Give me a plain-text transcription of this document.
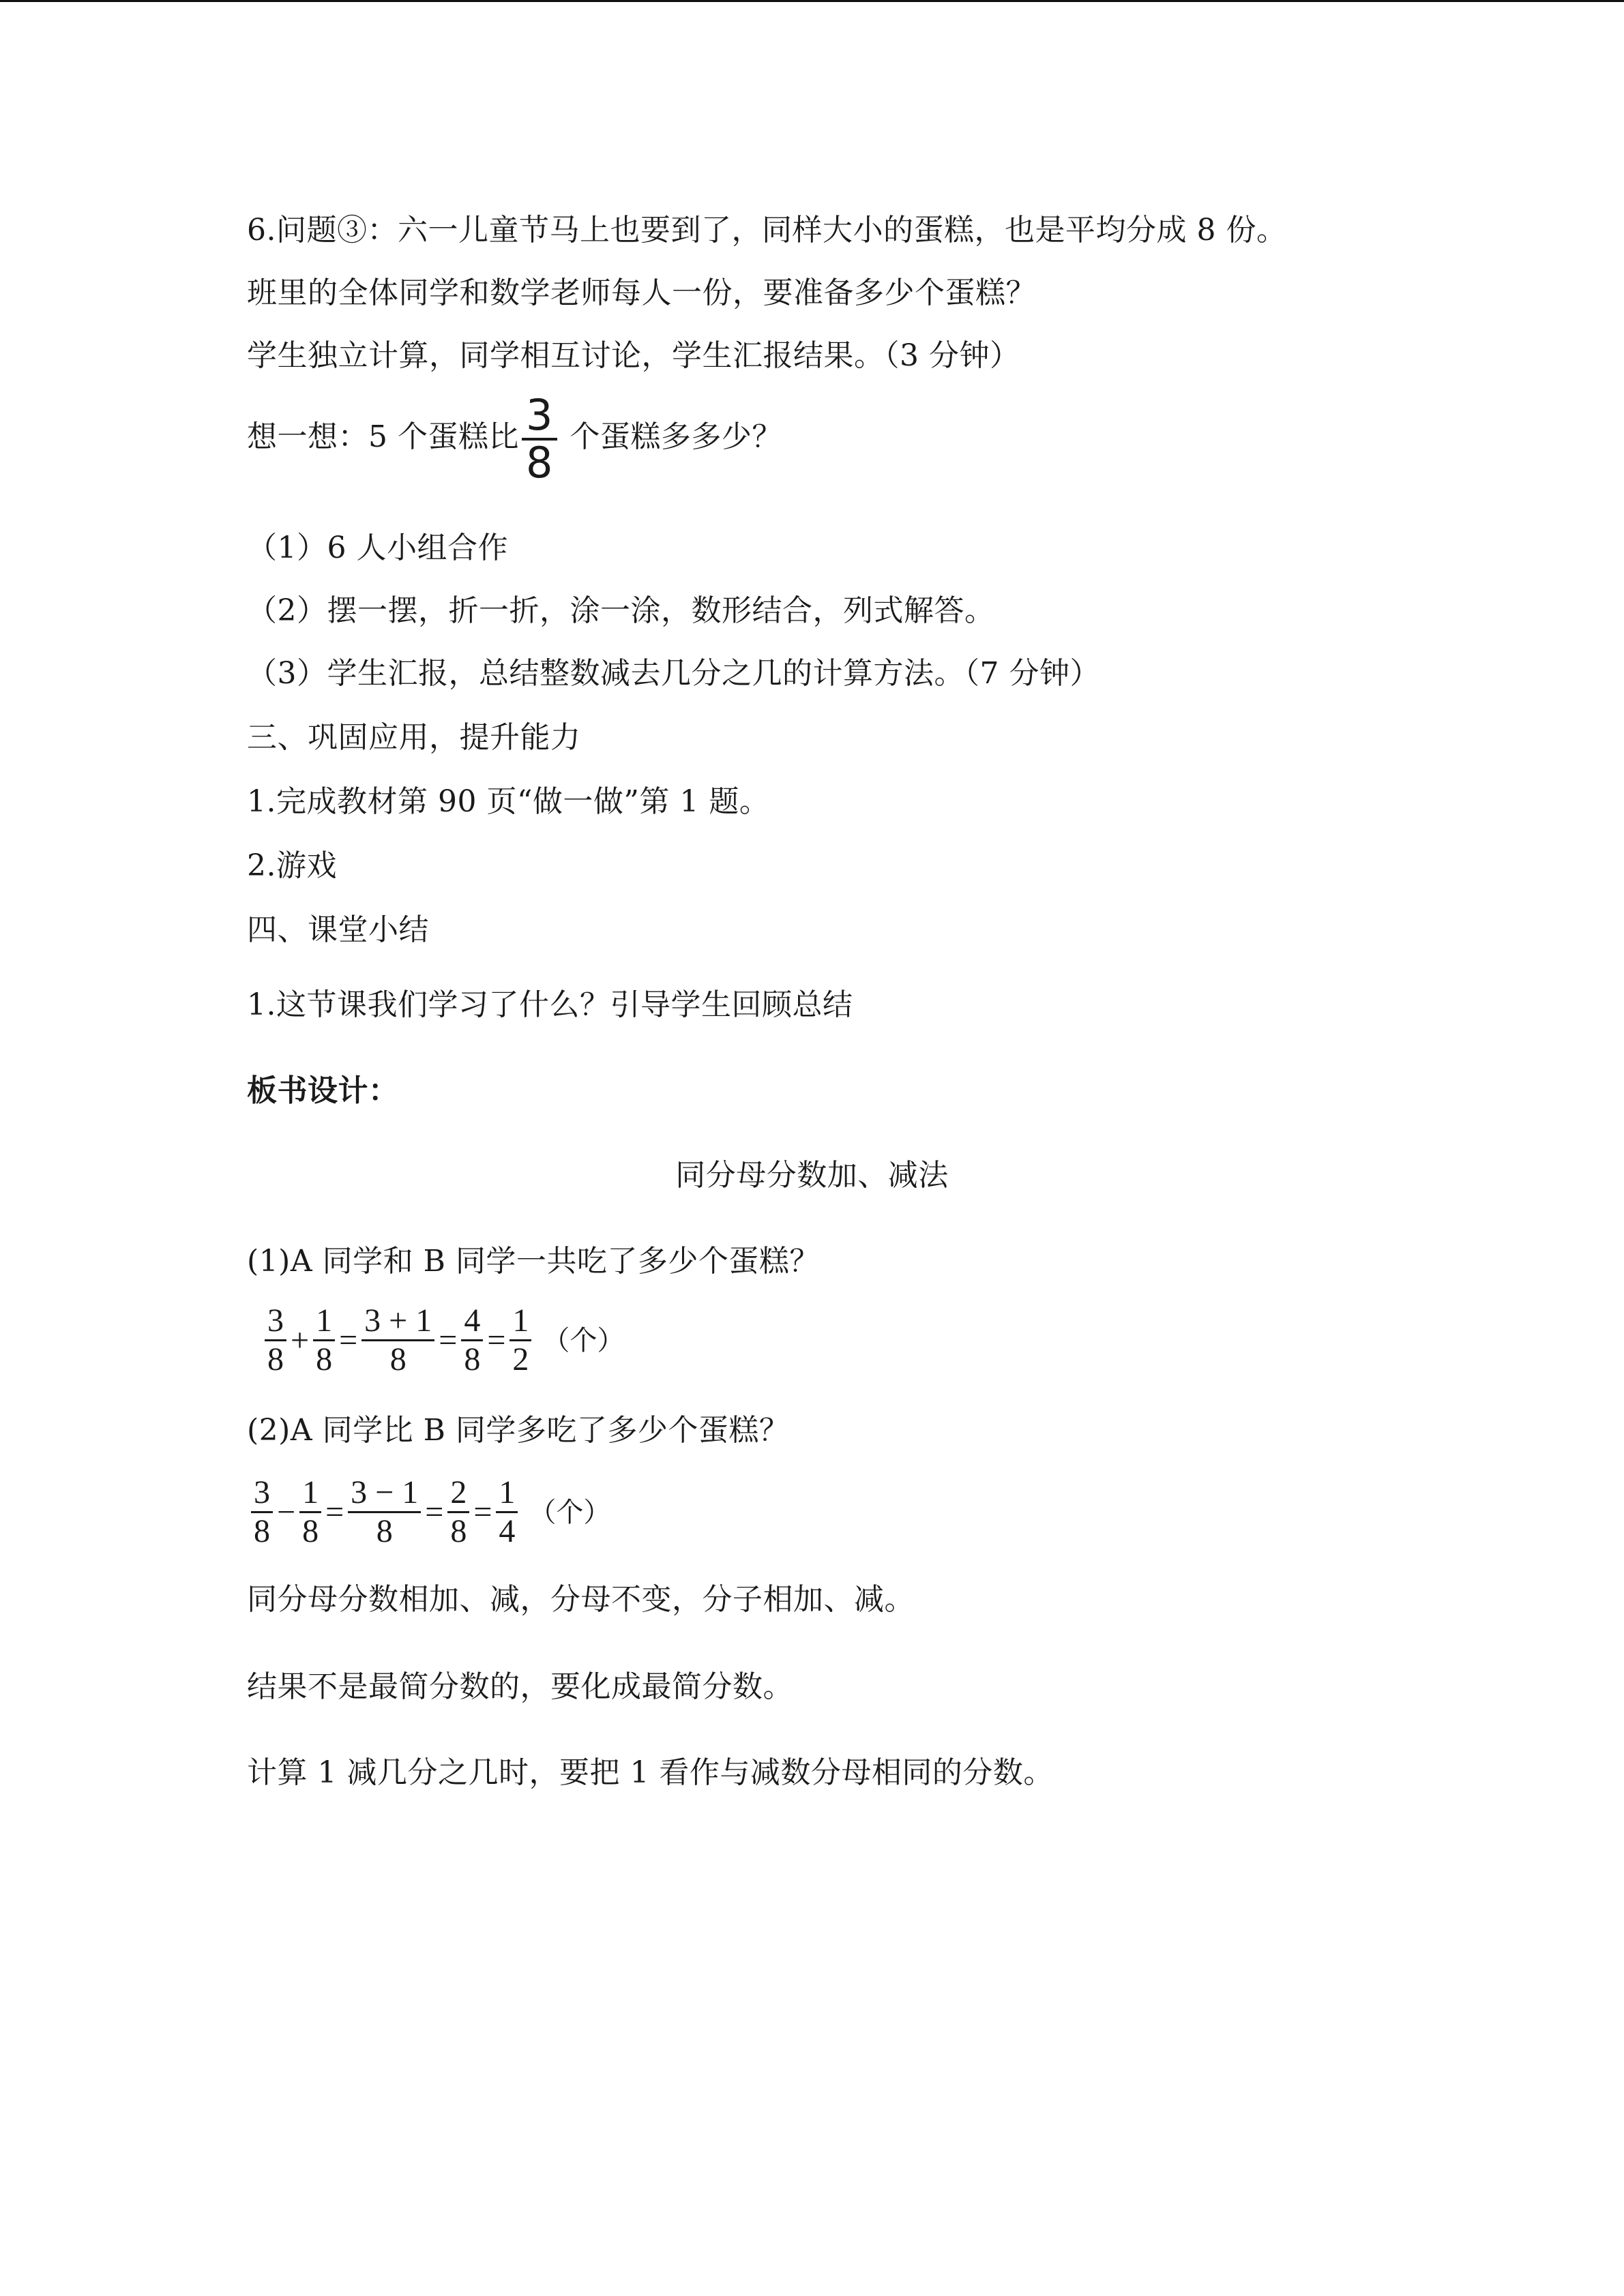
6.问题③：六一儿童节马上也要到了，同样大小的蛋糕，也是平均分成 8 份。
班里的全体同学和数学老师每人一份，要准备多少个蛋糕？
学生独立计算，同学相互讨论，学生汇报结果。（3 分钟）
想一想：5 个蛋糕比 $\frac{3}{8}$ 个蛋糕多多少？
（1）6 人小组合作
（2）摆一摆，折一折，涂一涂，数形结合，列式解答。
（3）学生汇报，总结整数减去几分之几的计算方法。（7 分钟）
三、巩固应用，提升能力
1.完成教材第 90 页“做一做”第 1 题。
2.游戏
四、课堂小结
1.这节课我们学习了什么？引导学生回顾总结
板书设计：
同分母分数加、减法
(1)A 同学和 B 同学一共吃了多少个蛋糕？
$\frac{3}{8} + \frac{1}{8} = \frac{3 + 1}{8} = \frac{4}{8} = \frac{1}{2}$ （个）
(2)A 同学比 B 同学多吃了多少个蛋糕？
$\frac{3}{8} - \frac{1}{8} = \frac{3 - 1}{8} = \frac{2}{8} = \frac{1}{4}$ （个）
同分母分数相加、减，分母不变，分子相加、减。
结果不是最简分数的，要化成最简分数。
计算 1 减几分之几时，要把 1 看作与减数分母相同的分数。
